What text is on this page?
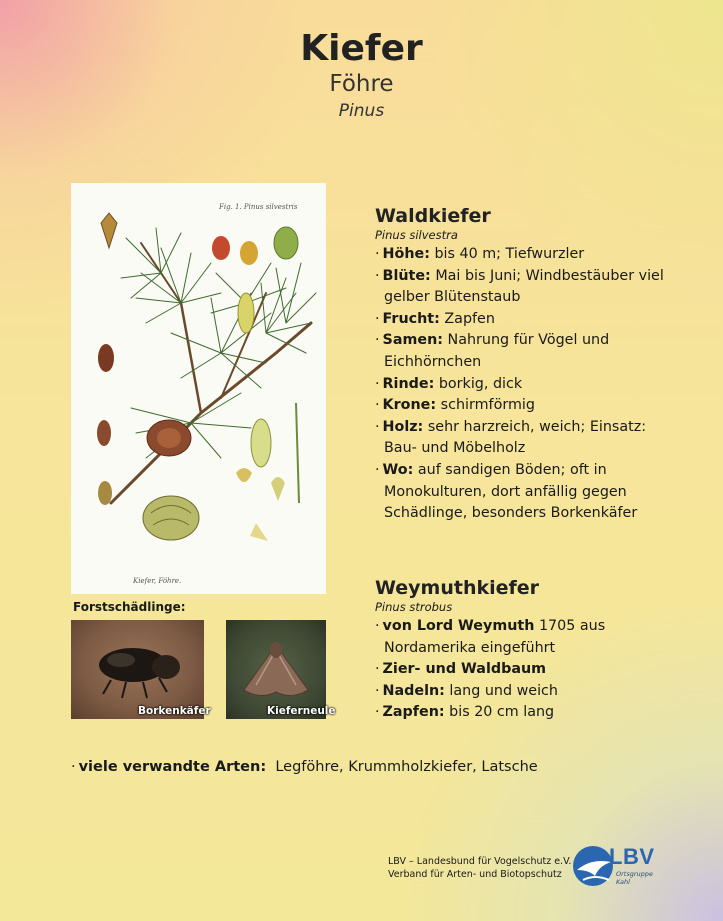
Kiefer
Föhre
Pinus
Fig. 1. Pinus silvestris
Kiefer, Föhre.
Waldkiefer
Pinus silvestra
· Höhe: bis 40 m; Tiefwurzler
· Blüte: Mai bis Juni; Windbestäuber viel gelber Blütenstaub
· Frucht: Zapfen
· Samen: Nahrung für Vögel und Eichhörnchen
· Rinde: borkig, dick
· Krone: schirmförmig
· Holz: sehr harzreich, weich; Einsatz: Bau- und Möbelholz
· Wo: auf sandigen Böden; oft in Monokulturen, dort anfällig gegen Schädlinge, besonders Borkenkäfer
Weymuthkiefer
Pinus strobus
· von Lord Weymuth 1705 aus Nordamerika eingeführt
· Zier- und Waldbaum
· Nadeln: lang und weich
· Zapfen: bis 20 cm lang
Forstschädlinge:
Borkenkäfer	Kieferneule
· viele verwandte Arten: Legföhre, Krummholzkiefer, Latsche
LBV – Landesbund für Vogelschutz e.V.
Verband für Arten- und Biotopschutz
LBV
Ortsgruppe
Kahl
